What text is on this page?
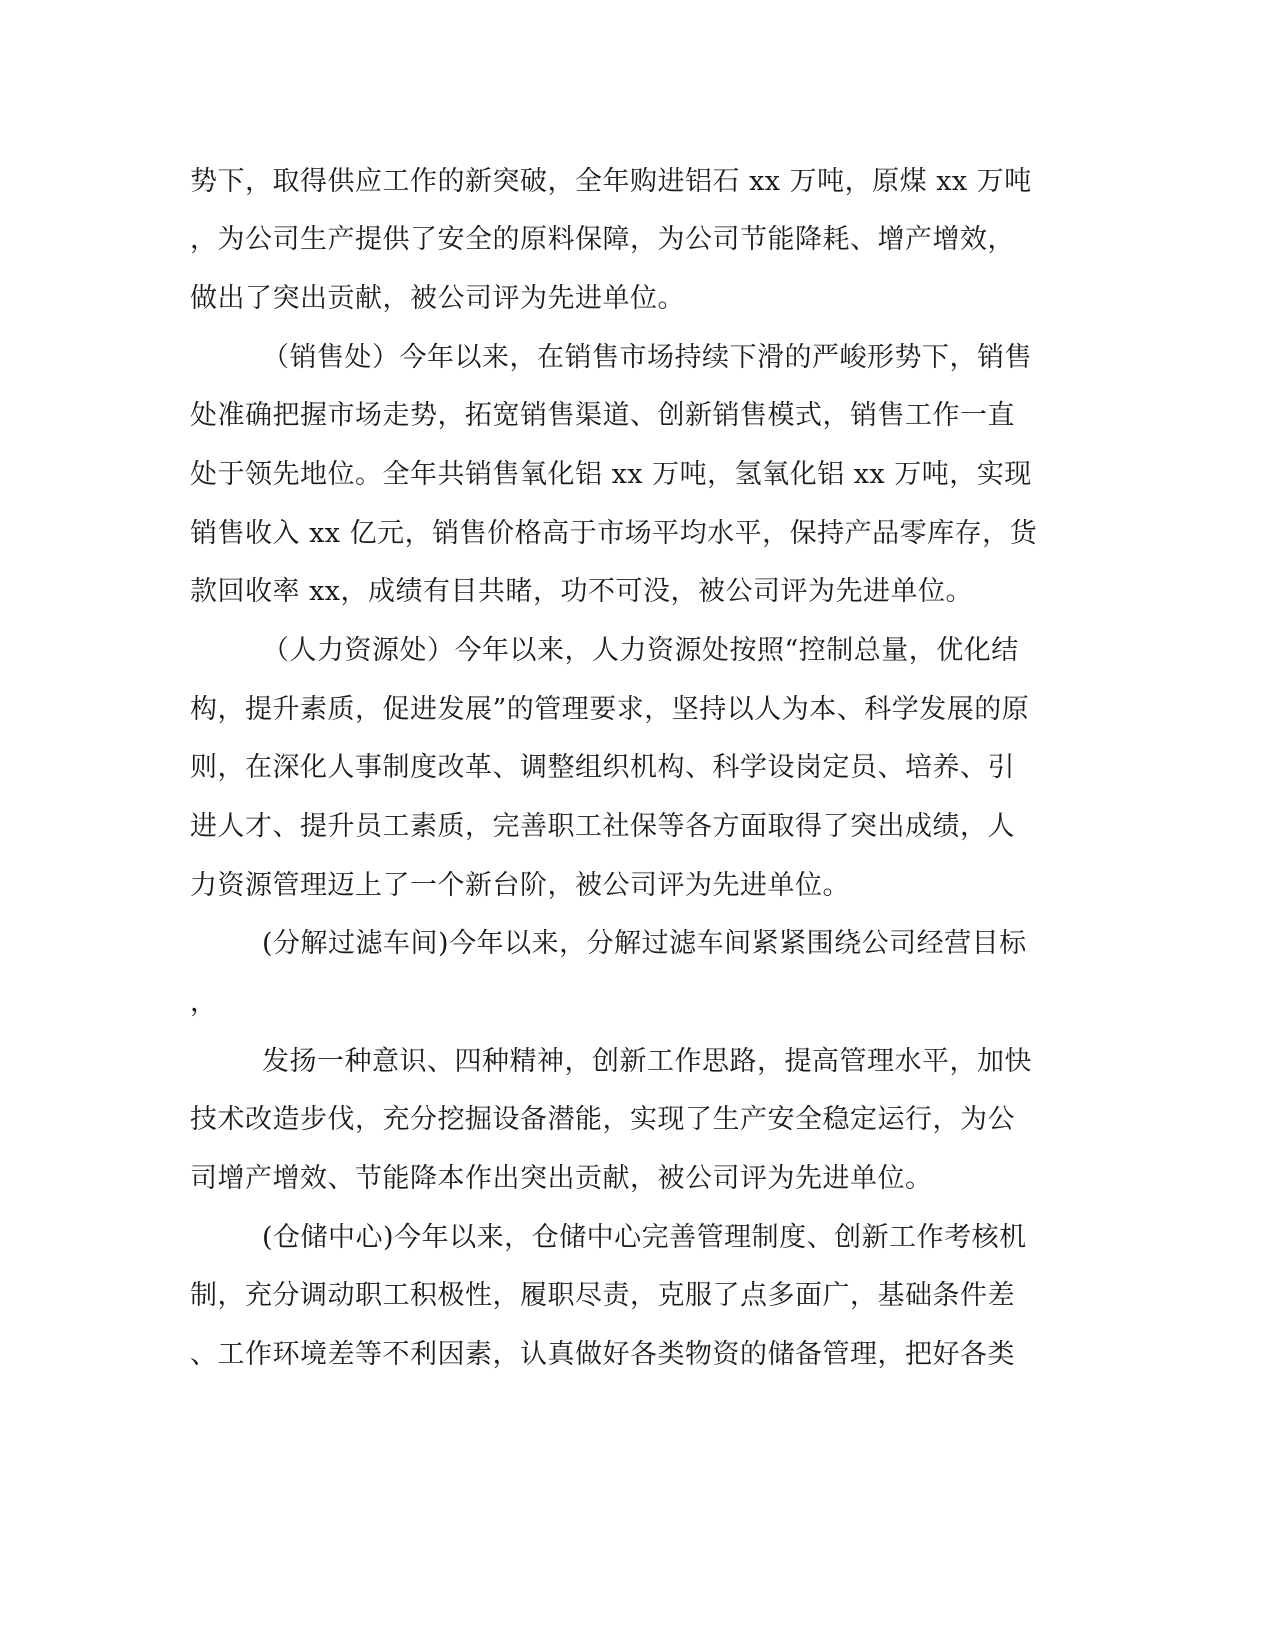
势下，取得供应工作的新突破，全年购进铝石 xx 万吨，原煤 xx 万吨
，为公司生产提供了安全的原料保障，为公司节能降耗、增产增效，
做出了突出贡献，被公司评为先进单位。
（销售处）今年以来，在销售市场持续下滑的严峻形势下，销售
处准确把握市场走势，拓宽销售渠道、创新销售模式，销售工作一直
处于领先地位。全年共销售氧化铝 xx 万吨，氢氧化铝 xx 万吨，实现
销售收入 xx 亿元，销售价格高于市场平均水平，保持产品零库存，货
款回收率 xx，成绩有目共睹，功不可没，被公司评为先进单位。
（人力资源处）今年以来，人力资源处按照“控制总量，优化结
构，提升素质，促进发展”的管理要求，坚持以人为本、科学发展的原
则，在深化人事制度改革、调整组织机构、科学设岗定员、培养、引
进人才、提升员工素质，完善职工社保等各方面取得了突出成绩，人
力资源管理迈上了一个新台阶，被公司评为先进单位。
(分解过滤车间)今年以来，分解过滤车间紧紧围绕公司经营目标
，
发扬一种意识、四种精神，创新工作思路，提高管理水平，加快
技术改造步伐，充分挖掘设备潜能，实现了生产安全稳定运行，为公
司增产增效、节能降本作出突出贡献，被公司评为先进单位。
(仓储中心)今年以来，仓储中心完善管理制度、创新工作考核机
制，充分调动职工积极性，履职尽责，克服了点多面广，基础条件差
、工作环境差等不利因素，认真做好各类物资的储备管理，把好各类
